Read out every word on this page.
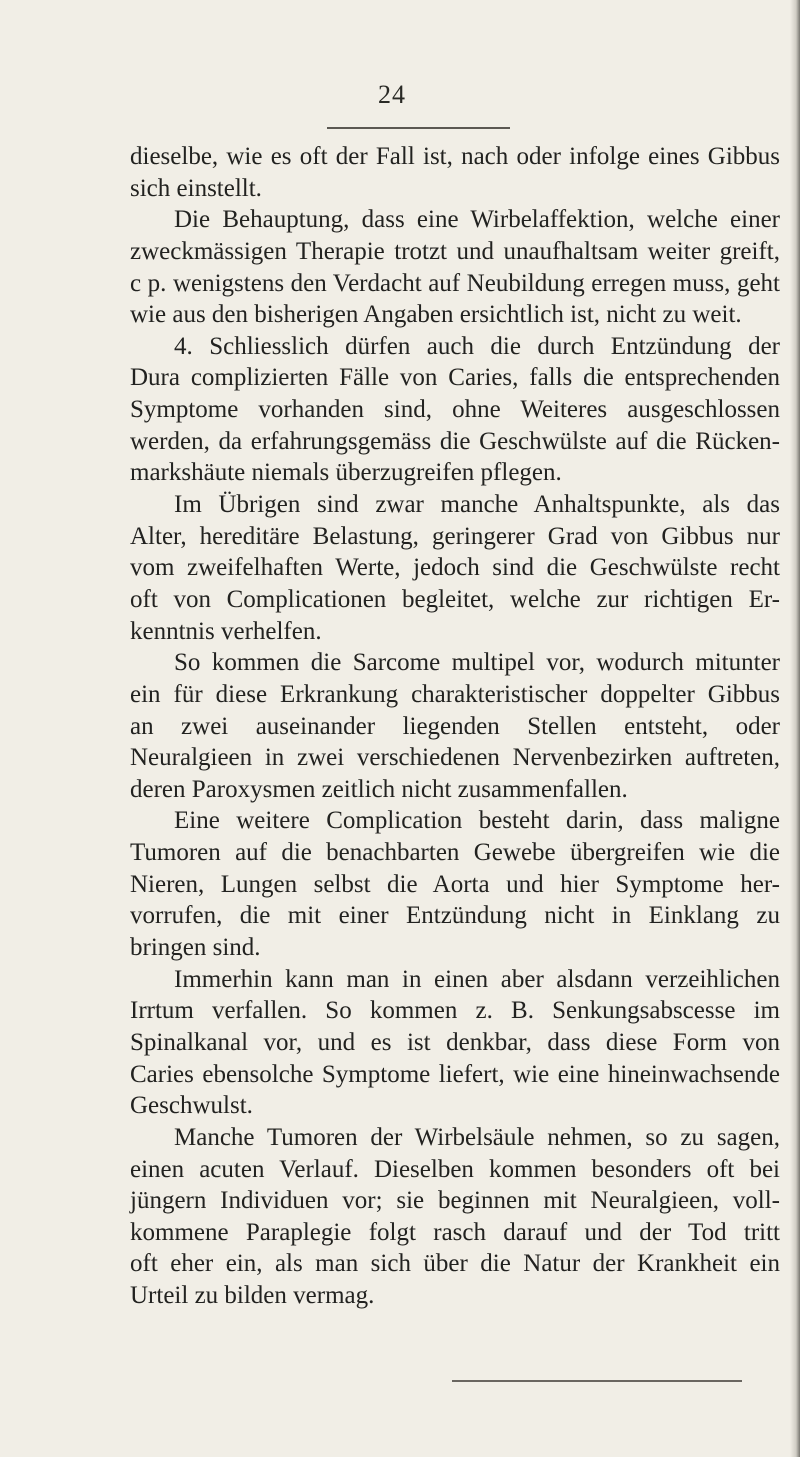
24
dieselbe, wie es oft der Fall ist, nach oder infolge eines Gibbus
sich einstellt.
Die Behauptung, dass eine Wirbelaffektion, welche einer
zweckmässigen Therapie trotzt und unaufhaltsam weiter greift,
c p. wenigstens den Verdacht auf Neubildung erregen muss, geht
wie aus den bisherigen Angaben ersichtlich ist, nicht zu weit.
4. Schliesslich dürfen auch die durch Entzündung der
Dura complizierten Fälle von Caries, falls die entsprechenden
Symptome vorhanden sind, ohne Weiteres ausgeschlossen
werden, da erfahrungsgemäss die Geschwülste auf die Rücken-
markshäute niemals überzugreifen pflegen.
Im Übrigen sind zwar manche Anhaltspunkte, als das
Alter, hereditäre Belastung, geringerer Grad von Gibbus nur
vom zweifelhaften Werte, jedoch sind die Geschwülste recht
oft von Complicationen begleitet, welche zur richtigen Er-
kenntnis verhelfen.
So kommen die Sarcome multipel vor, wodurch mitunter
ein für diese Erkrankung charakteristischer doppelter Gibbus
an zwei auseinander liegenden Stellen entsteht, oder
Neuralgieen in zwei verschiedenen Nervenbezirken auftreten,
deren Paroxysmen zeitlich nicht zusammenfallen.
Eine weitere Complication besteht darin, dass maligne
Tumoren auf die benachbarten Gewebe übergreifen wie die
Nieren, Lungen selbst die Aorta und hier Symptome her-
vorrufen, die mit einer Entzündung nicht in Einklang zu
bringen sind.
Immerhin kann man in einen aber alsdann verzeihlichen
Irrtum verfallen. So kommen z. B. Senkungsabscesse im
Spinalkanal vor, und es ist denkbar, dass diese Form von
Caries ebensolche Symptome liefert, wie eine hineinwachsende
Geschwulst.
Manche Tumoren der Wirbelsäule nehmen, so zu sagen,
einen acuten Verlauf. Dieselben kommen besonders oft bei
jüngern Individuen vor; sie beginnen mit Neuralgieen, voll-
kommene Paraplegie folgt rasch darauf und der Tod tritt
oft eher ein, als man sich über die Natur der Krankheit ein
Urteil zu bilden vermag.
